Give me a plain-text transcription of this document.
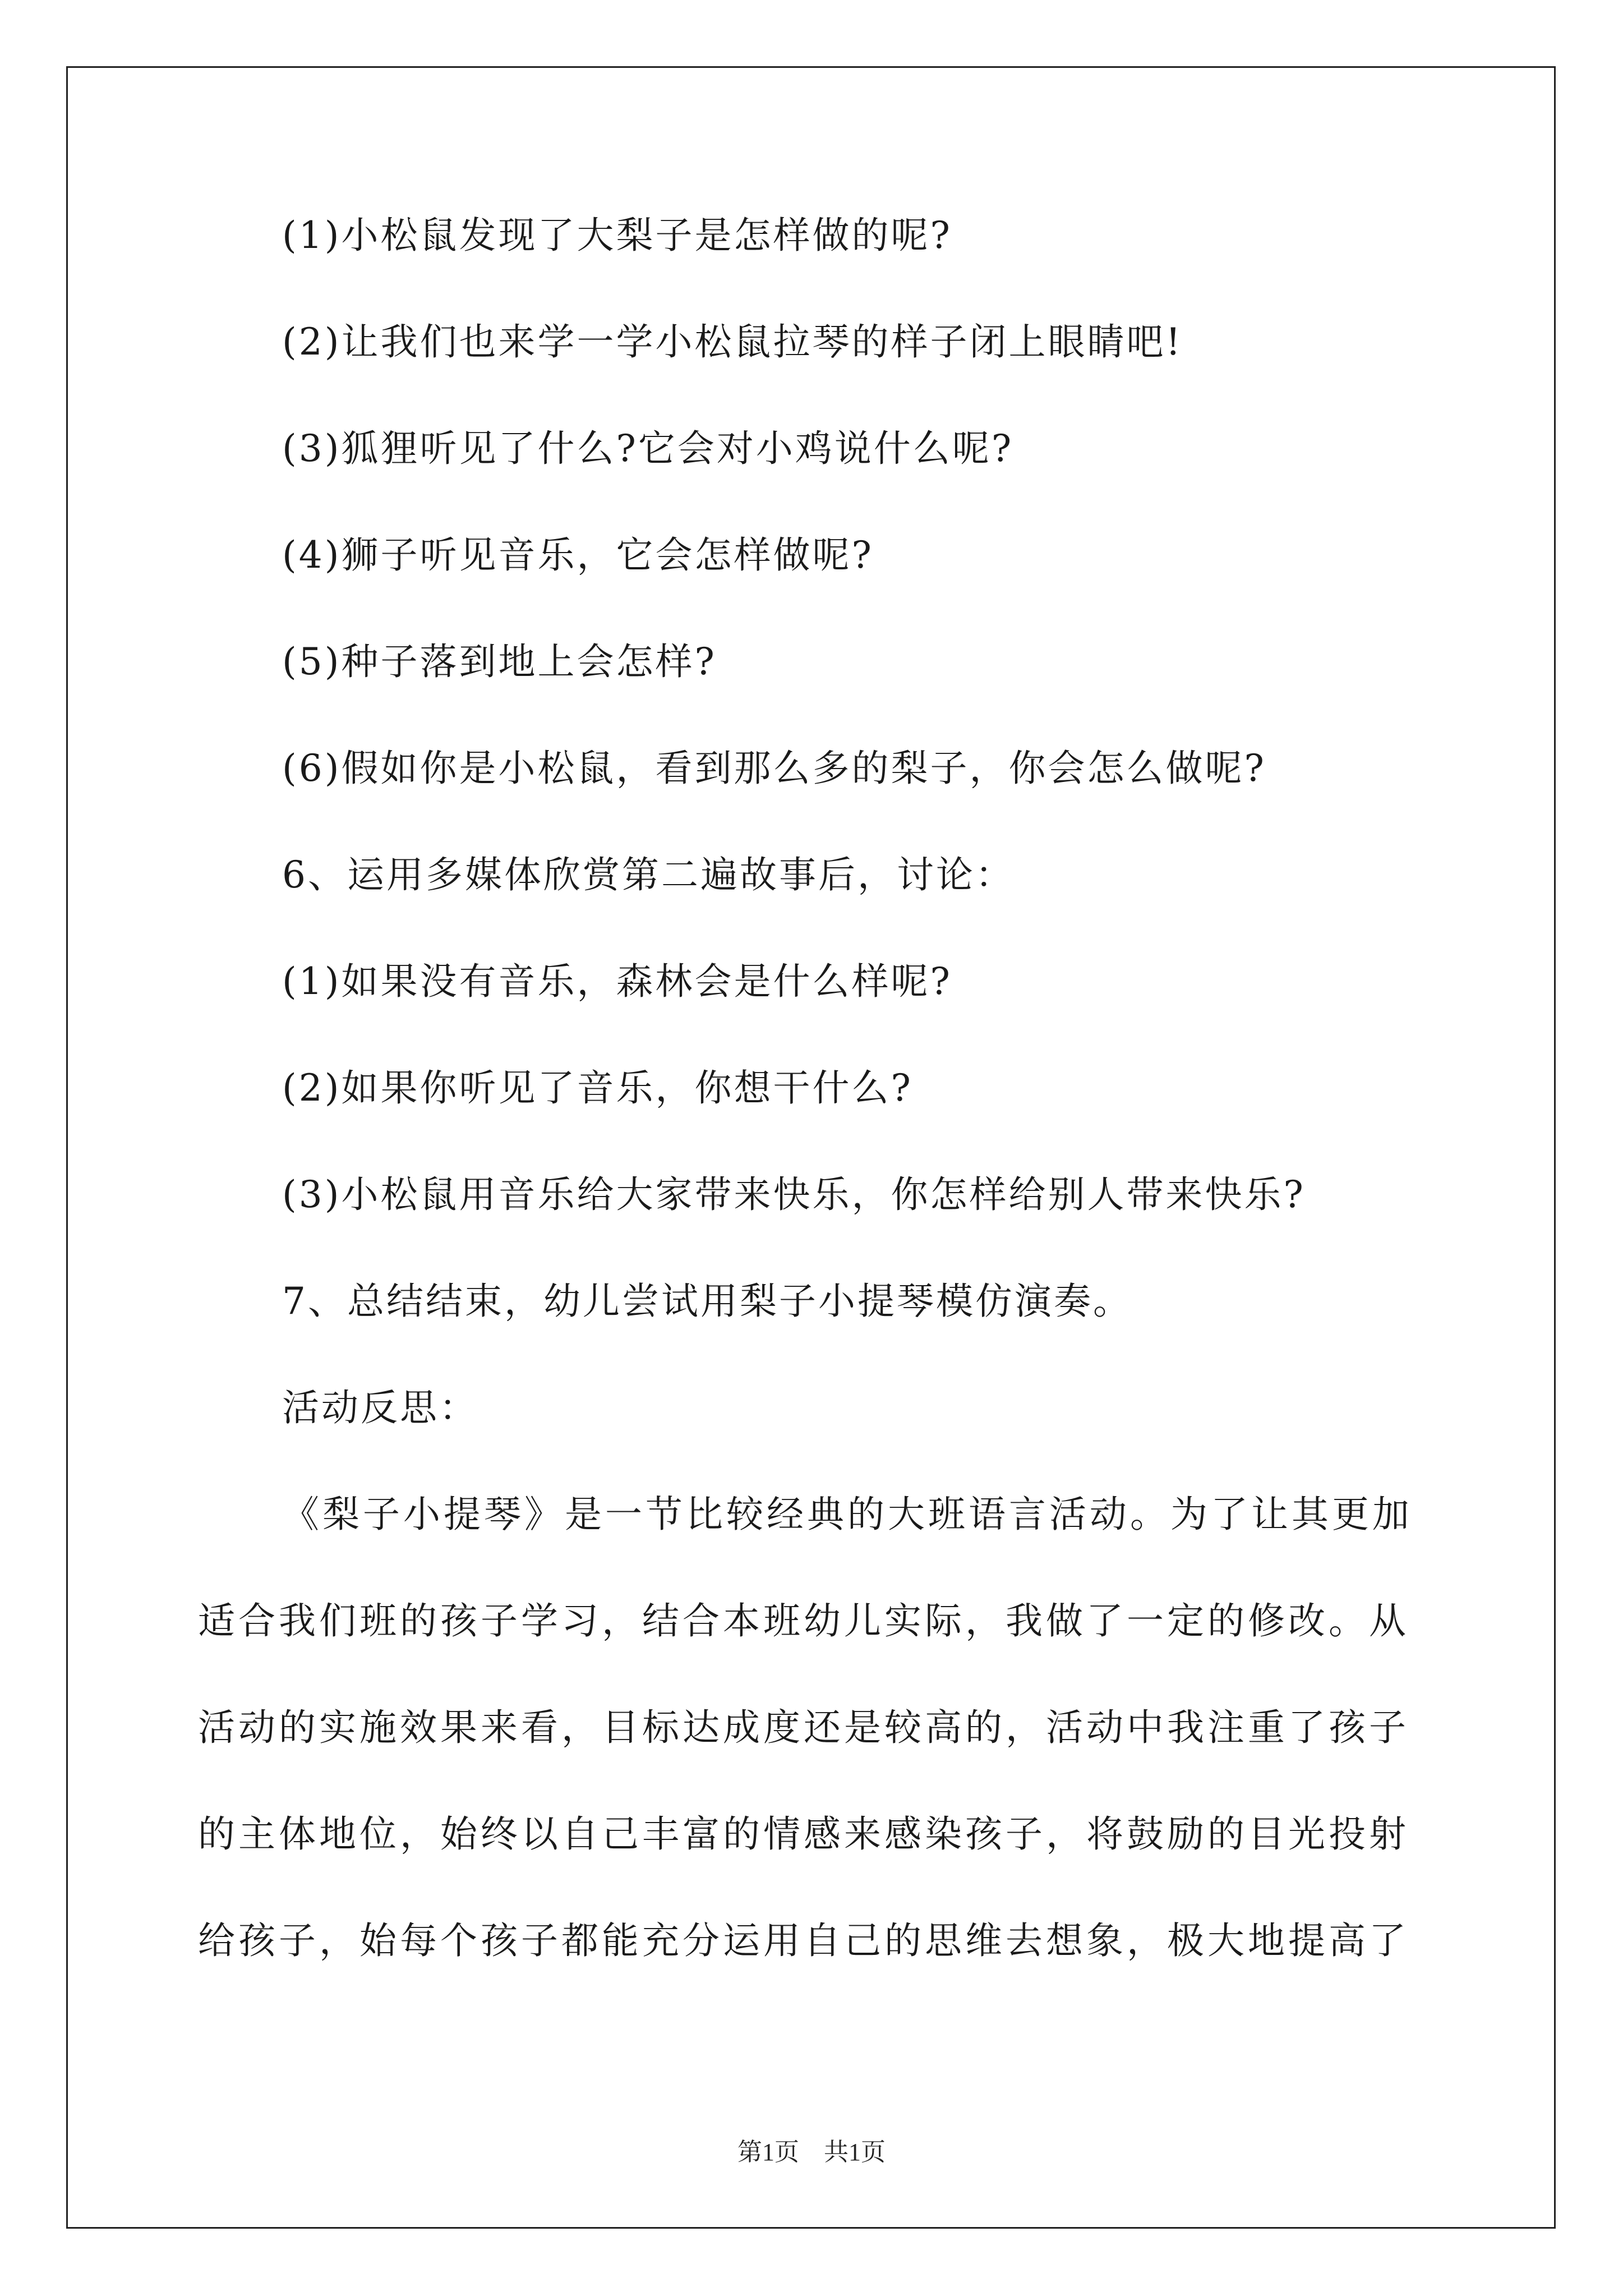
(1)小松鼠发现了大梨子是怎样做的呢?
(2)让我们也来学一学小松鼠拉琴的样子闭上眼睛吧!
(3)狐狸听见了什么?它会对小鸡说什么呢?
(4)狮子听见音乐，它会怎样做呢?
(5)种子落到地上会怎样?
(6)假如你是小松鼠，看到那么多的梨子，你会怎么做呢?
6、运用多媒体欣赏第二遍故事后，讨论：
(1)如果没有音乐，森林会是什么样呢?
(2)如果你听见了音乐，你想干什么?
(3)小松鼠用音乐给大家带来快乐，你怎样给别人带来快乐?
7、总结结束，幼儿尝试用梨子小提琴模仿演奏。
活动反思：
《梨子小提琴》是一节比较经典的大班语言活动。为了让其更加
适合我们班的孩子学习，结合本班幼儿实际，我做了一定的修改。从
活动的实施效果来看，目标达成度还是较高的，活动中我注重了孩子
的主体地位，始终以自己丰富的情感来感染孩子，将鼓励的目光投射
给孩子，始每个孩子都能充分运用自己的思维去想象，极大地提高了
第1页　共1页
